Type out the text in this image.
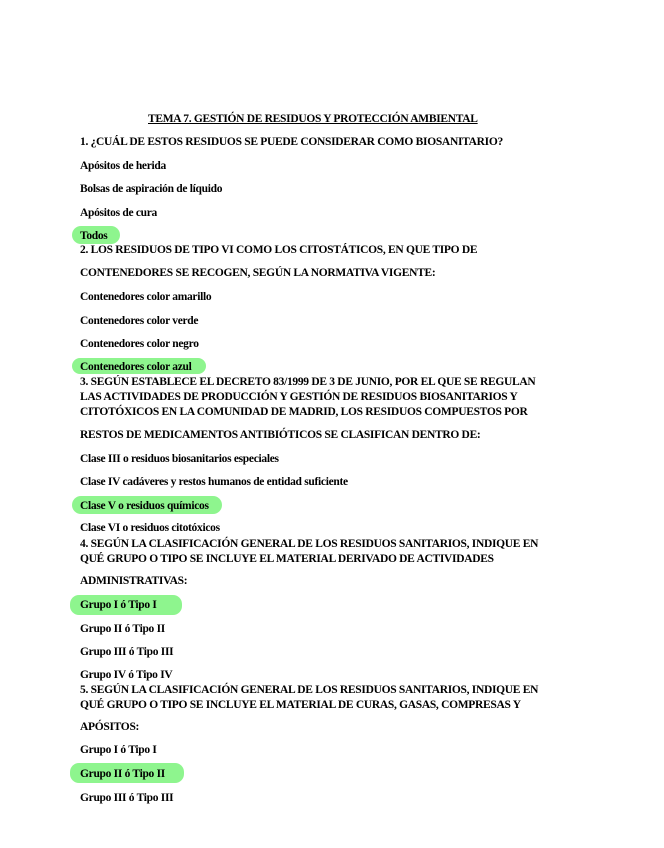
TEMA 7. GESTIÓN DE RESIDUOS Y PROTECCIÓN AMBIENTAL
1. ¿CUÁL DE ESTOS RESIDUOS SE PUEDE CONSIDERAR COMO BIOSANITARIO?
Apósitos de herida
Bolsas de aspiración de líquido
Apósitos de cura
Todos
2. LOS RESIDUOS DE TIPO VI COMO LOS CITOSTÁTICOS, EN QUE TIPO DE
CONTENEDORES SE RECOGEN, SEGÚN LA NORMATIVA VIGENTE:
Contenedores color amarillo
Contenedores color verde
Contenedores color negro
Contenedores color azul
3. SEGÚN ESTABLECE EL DECRETO 83/1999 DE 3 DE JUNIO, POR EL QUE SE REGULAN
LAS ACTIVIDADES DE PRODUCCIÓN Y GESTIÓN DE RESIDUOS BIOSANITARIOS Y
CITOTÓXICOS EN LA COMUNIDAD DE MADRID, LOS RESIDUOS COMPUESTOS POR
RESTOS DE MEDICAMENTOS ANTIBIÓTICOS SE CLASIFICAN DENTRO DE:
Clase III o residuos biosanitarios especiales
Clase IV cadáveres y restos humanos de entidad suficiente
Clase V o residuos químicos
Clase VI o residuos citotóxicos
4. SEGÚN LA CLASIFICACIÓN GENERAL DE LOS RESIDUOS SANITARIOS, INDIQUE EN
QUÉ GRUPO O TIPO SE INCLUYE EL MATERIAL DERIVADO DE ACTIVIDADES
ADMINISTRATIVAS:
Grupo I ó Tipo I
Grupo II ó Tipo II
Grupo III ó Tipo III
Grupo IV ó Tipo IV
5. SEGÚN LA CLASIFICACIÓN GENERAL DE LOS RESIDUOS SANITARIOS, INDIQUE EN
QUÉ GRUPO O TIPO SE INCLUYE EL MATERIAL DE CURAS, GASAS, COMPRESAS Y
APÓSITOS:
Grupo I ó Tipo I
Grupo II ó Tipo II
Grupo III ó Tipo III
